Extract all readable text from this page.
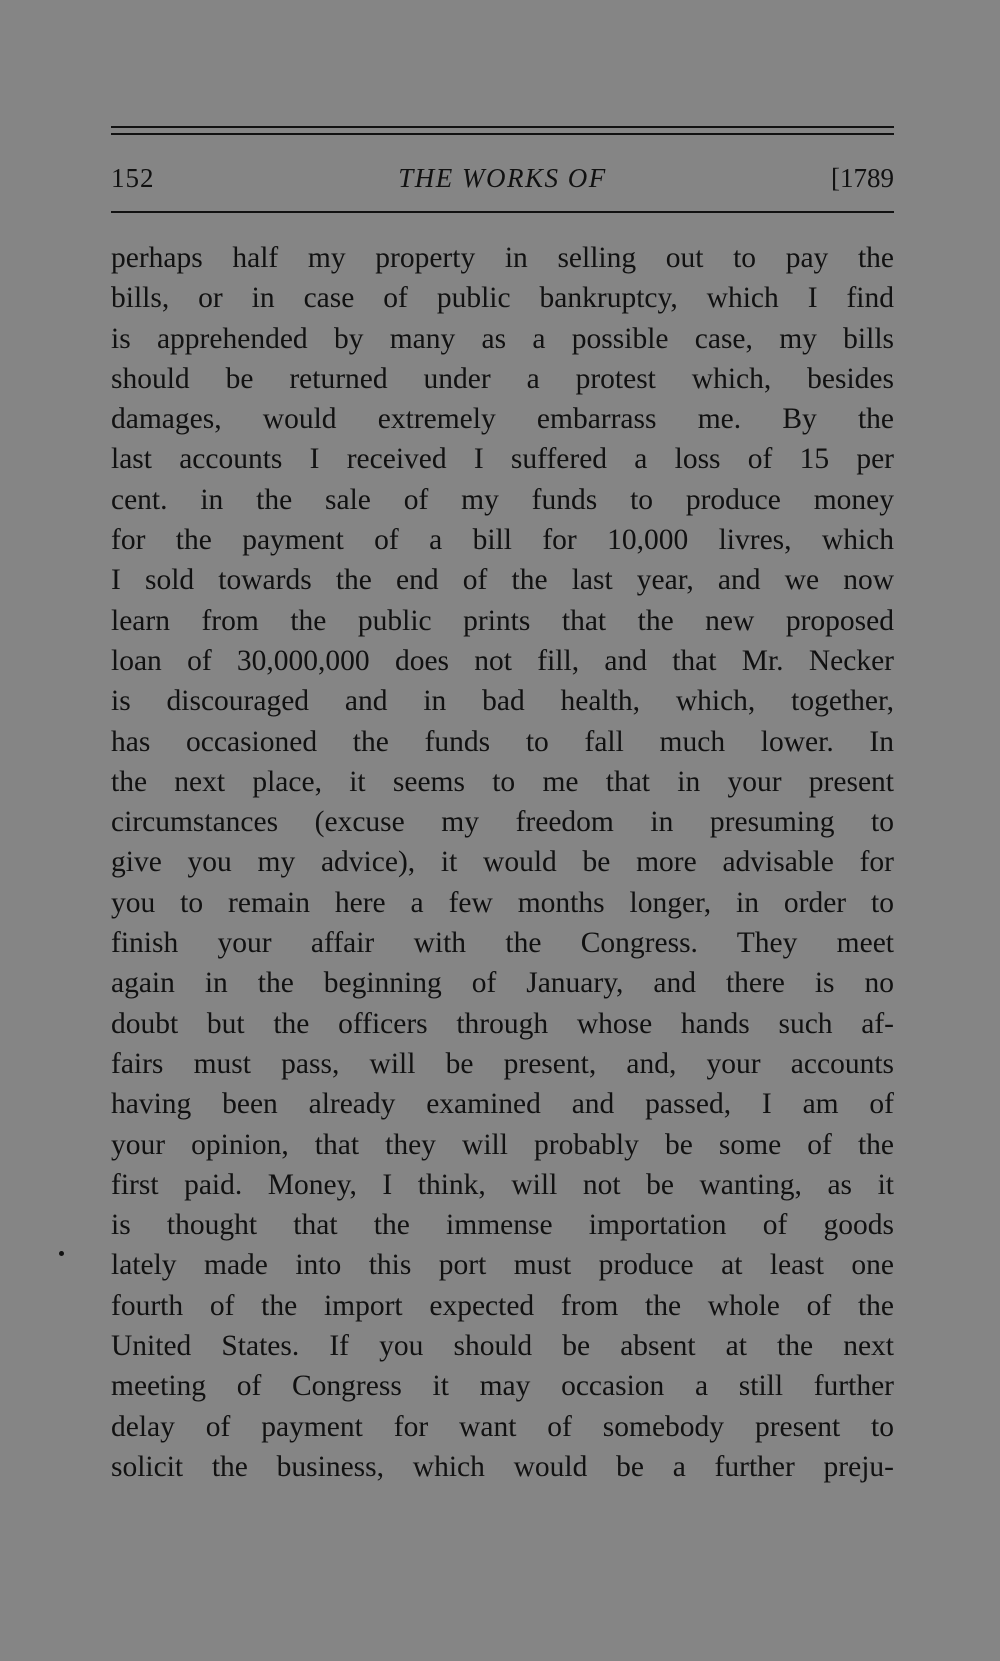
152	THE WORKS OF	[1789
perhaps half my property in selling out to pay the
bills, or in case of public bankruptcy, which I find
is apprehended by many as a possible case, my bills
should be returned under a protest which, besides
damages, would extremely embarrass me. By the
last accounts I received I suffered a loss of 15 per
cent. in the sale of my funds to produce money
for the payment of a bill for 10,000 livres, which
I sold towards the end of the last year, and we now
learn from the public prints that the new proposed
loan of 30,000,000 does not fill, and that Mr. Necker
is discouraged and in bad health, which, together,
has occasioned the funds to fall much lower. In
the next place, it seems to me that in your present
circumstances (excuse my freedom in presuming to
give you my advice), it would be more advisable for
you to remain here a few months longer, in order to
finish your affair with the Congress. They meet
again in the beginning of January, and there is no
doubt but the officers through whose hands such af-
fairs must pass, will be present, and, your accounts
having been already examined and passed, I am of
your opinion, that they will probably be some of the
first paid. Money, I think, will not be wanting, as it
is thought that the immense importation of goods
lately made into this port must produce at least one
fourth of the import expected from the whole of the
United States. If you should be absent at the next
meeting of Congress it may occasion a still further
delay of payment for want of somebody present to
solicit the business, which would be a further preju-
